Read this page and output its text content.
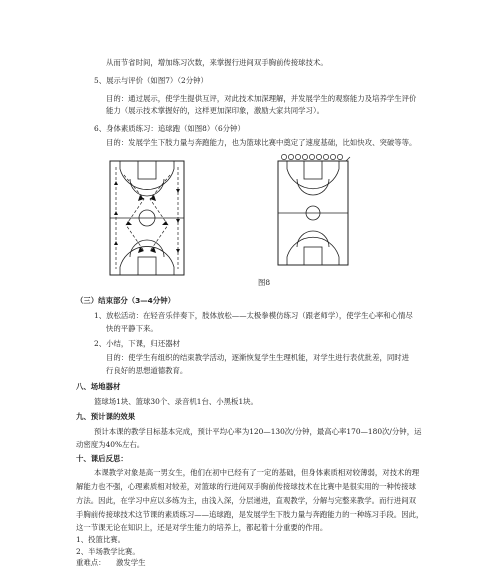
从而节省时间，增加练习次数，来掌握行进间双手胸前传接球技术。
5、展示与评价（如图7）（2分钟）
目的：通过展示，使学生提供互评，对此技术加深理解，并发展学生的观察能力及培养学生评价
能力（展示技术掌握好的，这样更加深印象，激励大家共同学习）。
6、身体素质练习：追球跑（如图8）（6分钟）
目的：发展学生下肢力量与奔跑能力，也为篮球比赛中奠定了速度基础，比如快攻、突破等等。
图8
（三）结束部分（3—4分钟）
1、放松活动：在轻音乐伴奏下，肢体放松——太极拳模仿练习（跟老师学），使学生心率和心情尽
快的平静下来。
2、小结，下课，归还器材
目的：使学生有组织的结束教学活动，逐渐恢复学生生理机能，对学生进行表优批差，同时进
行良好的思想道德教育。
八、场地器材
篮球场1块、篮球30个、录音机1台、小黑板1块。
九、预计课的效果
预计本课的教学目标基本完成，预计平均心率为120—130次/分钟，最高心率170—180次/分钟，运
动密度为40%左右。
十、课后反思：
本课教学对象是高一男女生，他们在初中已经有了一定的基础，但身体素质相对较薄弱，对技术的理
解能力也不强，心理素质相对较差，对篮球的行进间双手胸前传接球技术在比赛中是很实用的一种传接球
方法。因此，在学习中应以多练为主，由浅入深，分层递进，直观教学，分解与完整来教学。而行进间双
手胸前传接球技术这节课的素质练习——追球跑，是发展学生下肢力量与奔跑能力的一种练习手段。因此，
这一节课无论在知识上，还是对学生能力的培养上，都起着十分重要的作用。
1、投篮比赛。
2、半场教学比赛。
重难点： 激发学生
